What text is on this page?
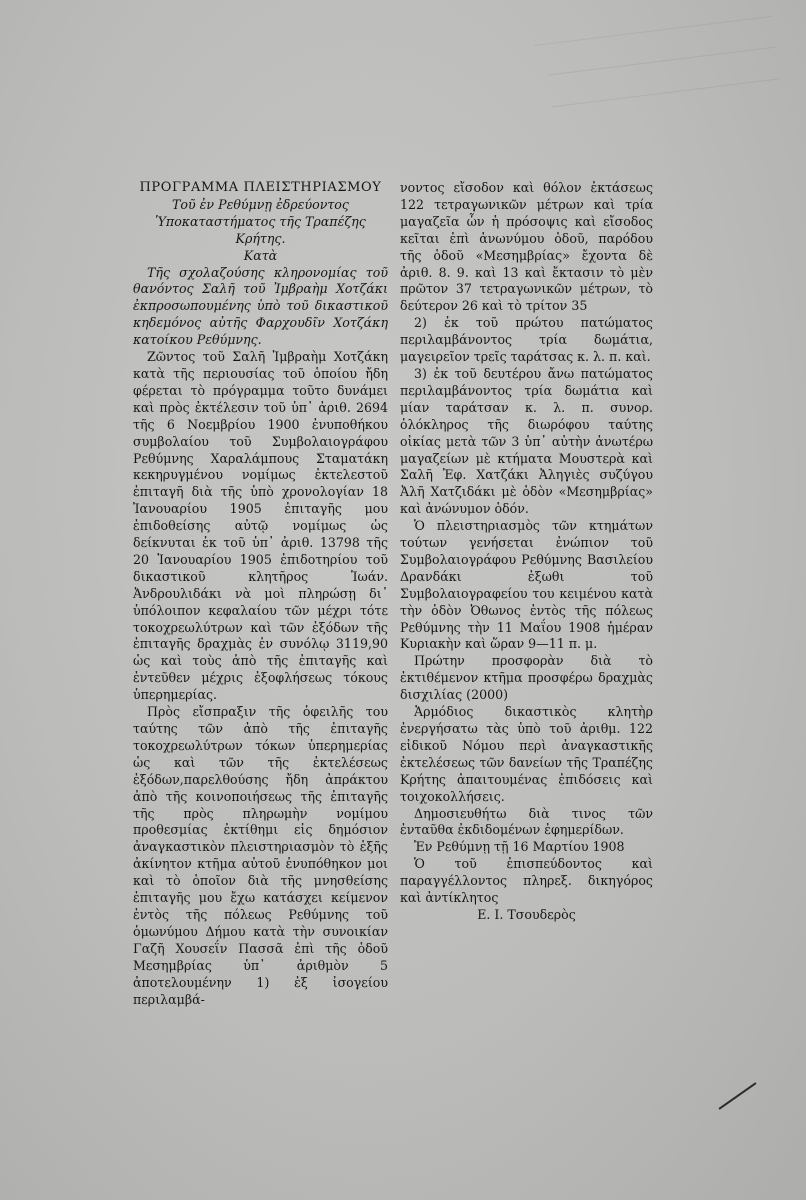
ΠΡΟΓΡΑΜΜΑ ΠΛΕΙΣΤΗΡΙΑΣΜΟΥ

Τοῦ ἐν Ρεθύμνῃ ἐδρεύοντος Ὑποκαταστήματος τῆς Τραπέζης Κρήτης.

Κατὰ

Τῆς σχολαζούσης κληρονομίας τοῦ θανόντος Σαλῆ τοῦ Ἰμβραὴμ Χοτζάκι ἐκπροσωπουμένης ὑπὸ τοῦ δικαστικοῦ κηδεμόνος αὐτῆς Φαρχουδῖν Χοτζάκη κατοίκου Ρεθύμνης.

Ζῶντος τοῦ Σαλῆ Ἰμβραὴμ Χοτζάκη κατὰ τῆς περιουσίας τοῦ ὁποίου ἤδη φέρεται τὸ πρόγραμμα τοῦτο δυνάμει καὶ πρὸς ἐκτέλεσιν τοῦ ὑπ᾽ ἀριθ. 2694 τῆς 6 Νοεμβρίου 1900 ἐνυποθήκου συμβολαίου τοῦ Συμβολαιογράφου Ρεθύμνης Χαραλάμπους Σταματάκη κεκηρυγμένου νομίμως ἐκτελεστοῦ ἐπιταγῆ διὰ τῆς ὑπὸ χρονολογίαν 18 Ἰανουαρίου 1905 ἐπιταγῆς μου ἐπιδοθείσης αὐτῷ νομίμως ὡς δείκνυται ἐκ τοῦ ὑπ᾽ ἀριθ. 13798 τῆς 20 Ἰανουαρίου 1905 ἐπιδοτηρίου τοῦ δικαστικοῦ κλητῆρος Ἰωάν. Ἀνδρουλιδάκι νὰ μοὶ πληρώσῃ δι᾽ ὑπόλοιπον κεφαλαίου τῶν μέχρι τότε τοκοχρεωλύτρων καὶ τῶν ἐξόδων τῆς ἐπιταγῆς δραχμὰς ἐν συνόλῳ 3119,90 ὡς καὶ τοὺς ἀπὸ τῆς ἐπιταγῆς καὶ ἐντεῦθεν μέχρις ἐξοφλήσεως τόκους ὑπερημερίας.

Πρὸς εἴσπραξιν τῆς ὀφειλῆς του ταύτης τῶν ἀπὸ τῆς ἐπιταγῆς τοκοχρεωλύτρων τόκων ὑπερημερίας ὡς καὶ τῶν τῆς ἐκτελέσεως ἐξόδων,παρελθούσης ἤδη ἀπράκτου ἀπὸ τῆς κοινοποιήσεως τῆς ἐπιταγῆς τῆς πρὸς πληρωμὴν νομίμου προθεσμίας ἐκτίθημι εἰς δημόσιον ἀναγκαστικὸν πλειστηριασμὸν τὸ ἑξῆς ἀκίνητον κτῆμα αὐτοῦ ἐνυπόθηκον μοι καὶ τὸ ὁποῖον διὰ τῆς μνησθείσης ἐπιταγῆς μου ἔχω κατάσχει κείμενον ἐντὸς τῆς πόλεως Ρεθύμνης τοῦ ὁμωνύμου Δήμου κατὰ τὴν συνοικίαν Γαζῆ Χουσεΐν Πασσᾶ ἐπὶ τῆς ὁδοῦ Μεσημβρίας ὑπ᾽ ἀριθμὸν 5 ἀποτελουμένην 1) ἐξ ἰσογείου περιλαμβά-

νοντος εἴσοδον καὶ θόλον ἐκτάσεως 122 τετραγωνικῶν μέτρων καὶ τρία μαγαζεῖα ὧν ἡ πρόσοψις καὶ εἴσοδος κεῖται ἐπὶ ἀνωνύμου ὁδοῦ, παρόδου τῆς ὁδοῦ «Μεσημβρίας» ἔχοντα δὲ ἀριθ. 8. 9. καὶ 13 καὶ ἔκτασιν τὸ μὲν πρῶτον 37 τετραγωνικῶν μέτρων, τὸ δεύτερον 26 καὶ τὸ τρίτον 35

2) ἐκ τοῦ πρώτου πατώματος περιλαμβάνοντος τρία δωμάτια, μαγειρεῖον τρεῖς ταράτσας κ. λ. π. καὶ.

3) ἐκ τοῦ δευτέρου ἄνω πατώματος περιλαμβάνοντος τρία δωμάτια καὶ μίαν ταράτσαν κ. λ. π. συνορ. ὁλόκληρος τῆς διωρόφου ταύτης οἰκίας μετὰ τῶν 3 ὑπ᾽ αὐτὴν ἀνωτέρω μαγαζείων μὲ κτήματα Μουστερὰ καὶ Σαλῆ Ἐφ. Χατζάκι Ἀληγιὲς συζύγου Ἀλῆ Χατζιδάκι μὲ ὁδὸν «Μεσημβρίας» καὶ ἀνώνυμον ὁδόν.

Ὁ πλειστηριασμὸς τῶν κτημάτων τούτων γενήσεται ἐνώπιον τοῦ Συμβολαιογράφου Ρεθύμνης Βασιλείου Δρανδάκι ἐξωθι τοῦ Συμβολαιογραφείου του κειμένου κατὰ τὴν ὁδὸν Ὀθωνος ἐντὸς τῆς πόλεως Ρεθύμνης τὴν 11 Μαΐου 1908 ἡμέραν Κυριακὴν καὶ ὥραν 9—11 π. μ.

Πρώτην προσφορὰν διὰ τὸ ἐκτιθέμενον κτῆμα προσφέρω δραχμὰς δισχιλίας (2000)

Ἁρμόδιος δικαστικὸς κλητὴρ ἐνεργήσατω τὰς ὑπὸ τοῦ ἀριθμ. 122 εἰδικοῦ Νόμου περὶ ἀναγκαστικῆς ἐκτελέσεως τῶν δανείων τῆς Τραπέζης Κρήτης ἀπαιτουμένας ἐπιδόσεις καὶ τοιχοκολλήσεις.

Δημοσιευθήτω διὰ τινος τῶν ἐνταῦθα ἐκδιδομένων ἐφημερίδων.

Ἐν Ρεθύμνῃ τῇ 16 Μαρτίου 1908

Ὁ τοῦ ἐπισπεύδοντος καὶ παραγγέλλοντος πληρεξ. δικηγόρος καὶ ἀντίκλητος

Ε. Ι. Τσουδερὸς
